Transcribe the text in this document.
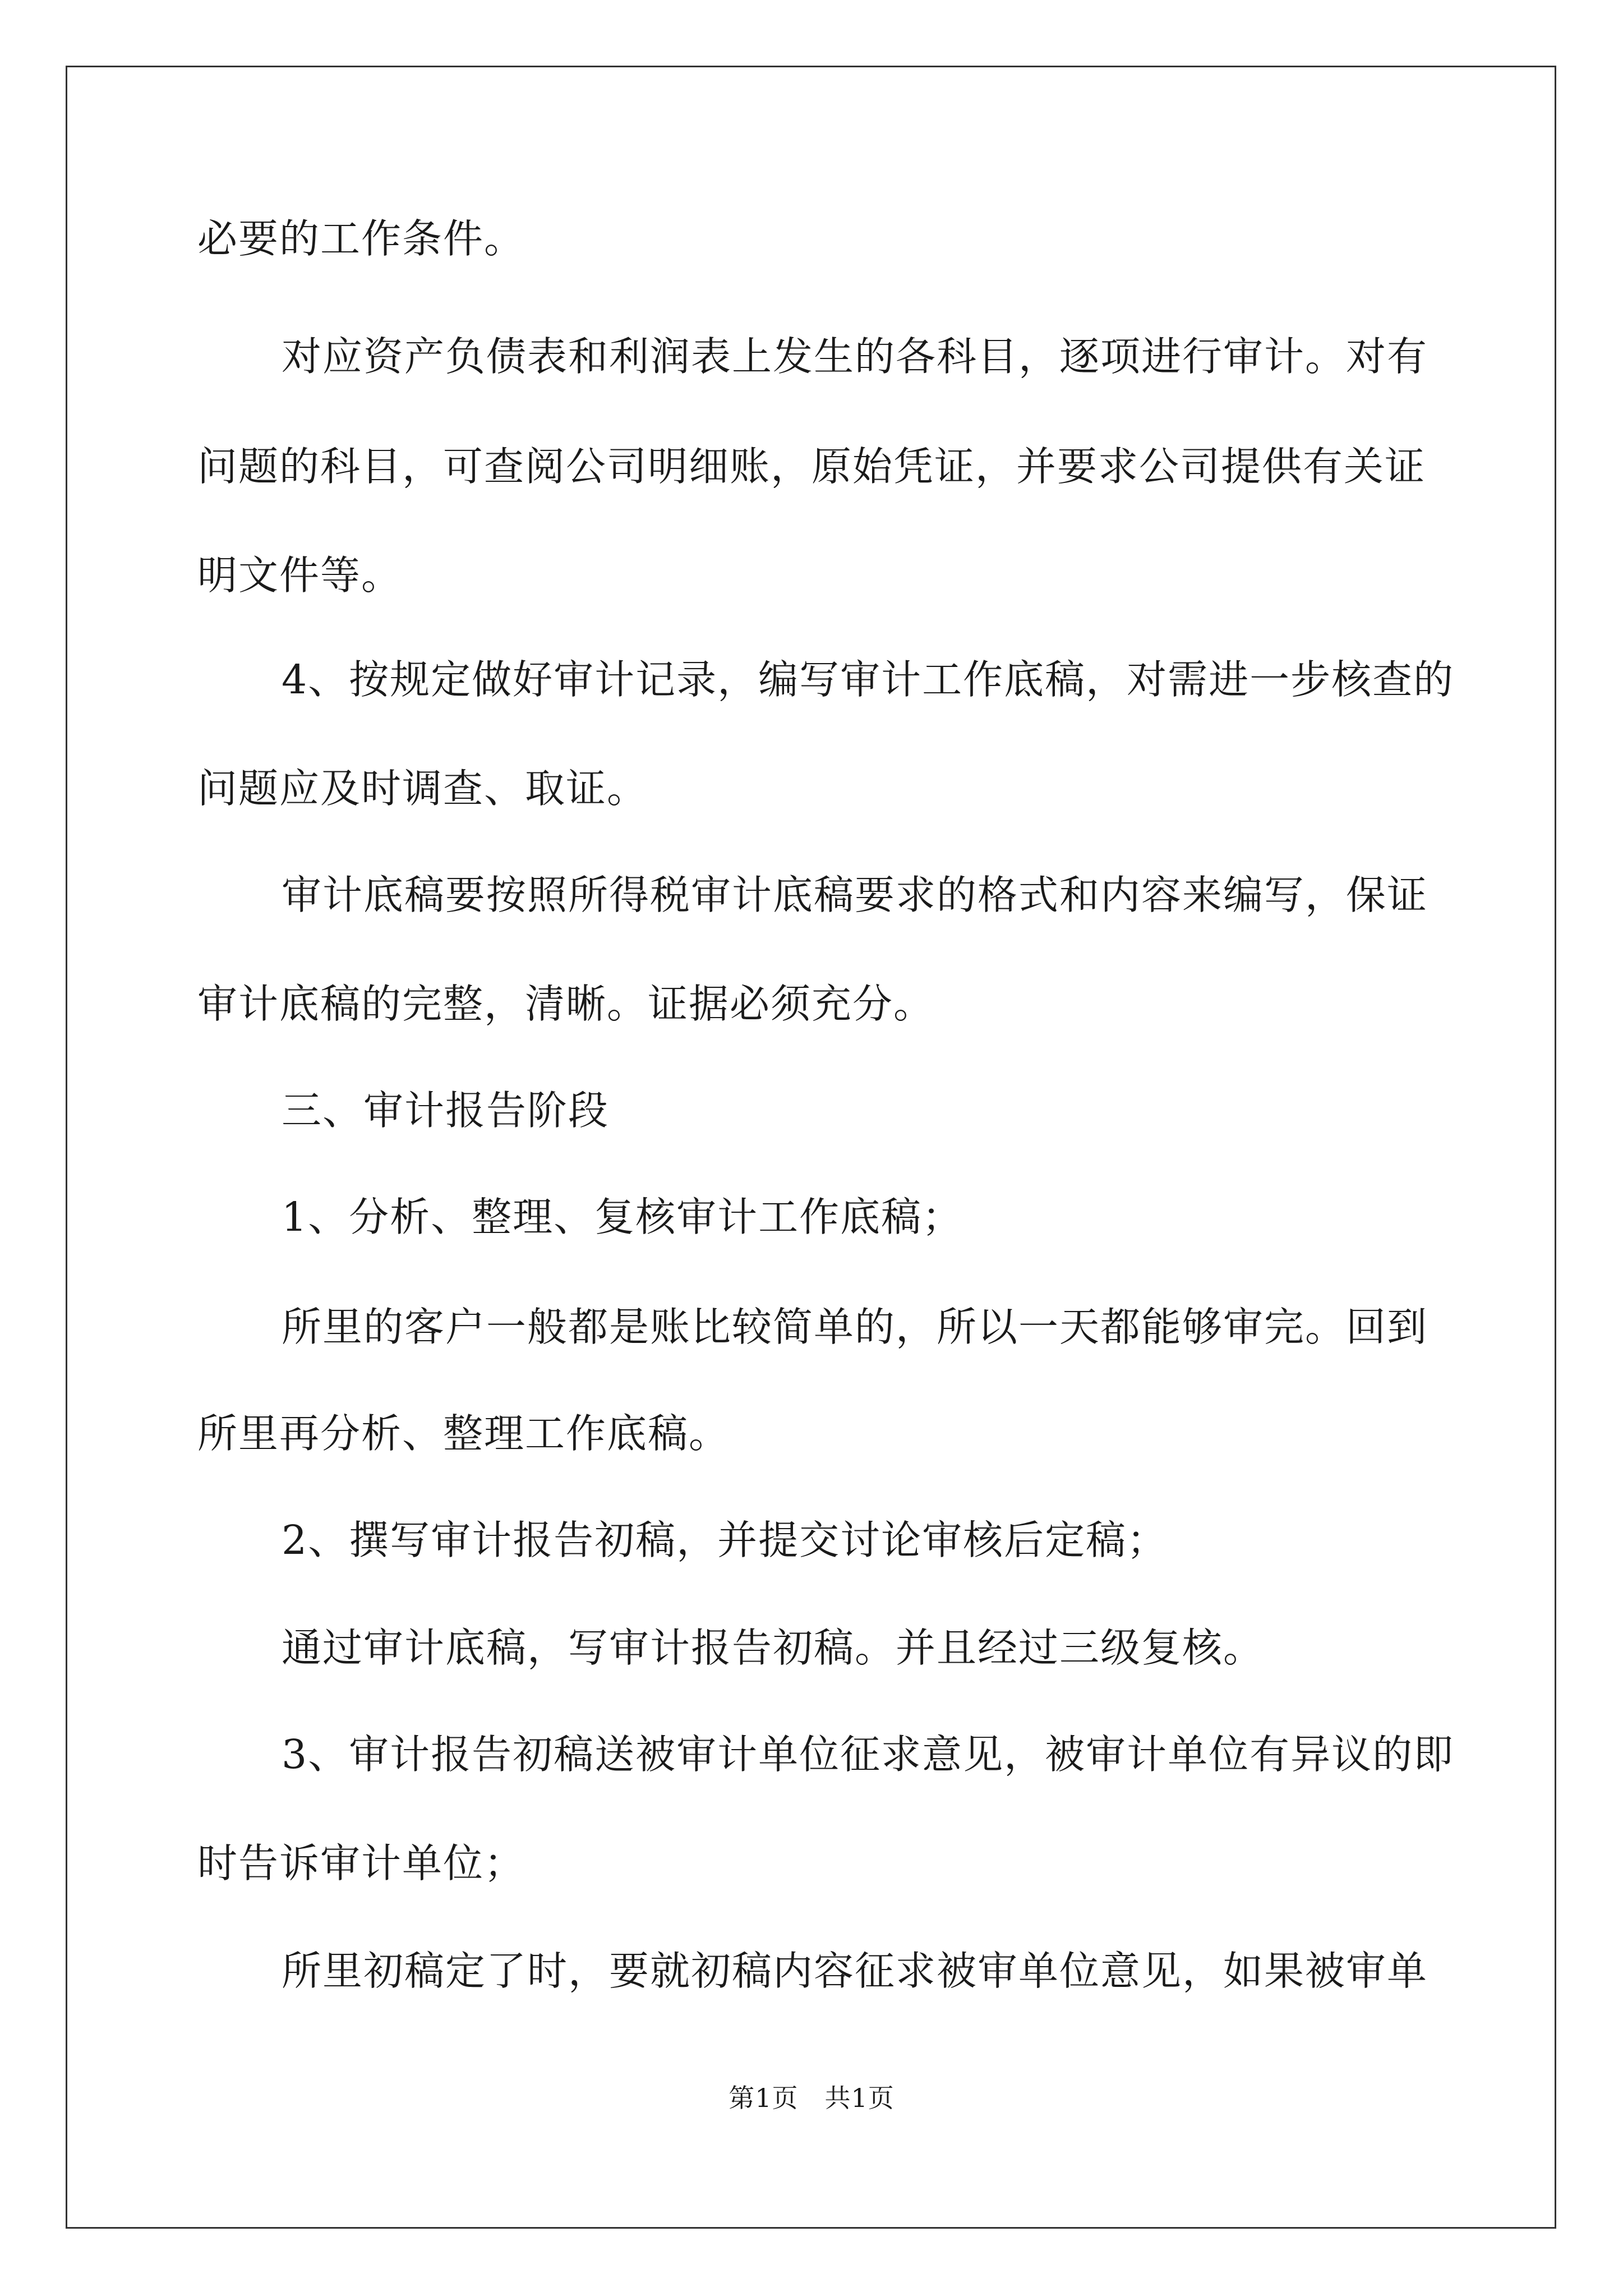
必要的工作条件。
对应资产负债表和利润表上发生的各科目，逐项进行审计。对有
问题的科目，可查阅公司明细账，原始凭证，并要求公司提供有关证
明文件等。
4、按规定做好审计记录，编写审计工作底稿，对需进一步核查的
问题应及时调查、取证。
审计底稿要按照所得税审计底稿要求的格式和内容来编写，保证
审计底稿的完整，清晰。证据必须充分。
三、审计报告阶段
1、分析、整理、复核审计工作底稿；
所里的客户一般都是账比较简单的，所以一天都能够审完。回到
所里再分析、整理工作底稿。
2、撰写审计报告初稿，并提交讨论审核后定稿；
通过审计底稿，写审计报告初稿。并且经过三级复核。
3、审计报告初稿送被审计单位征求意见，被审计单位有异议的即
时告诉审计单位；
所里初稿定了时，要就初稿内容征求被审单位意见，如果被审单
第1页　共1页
